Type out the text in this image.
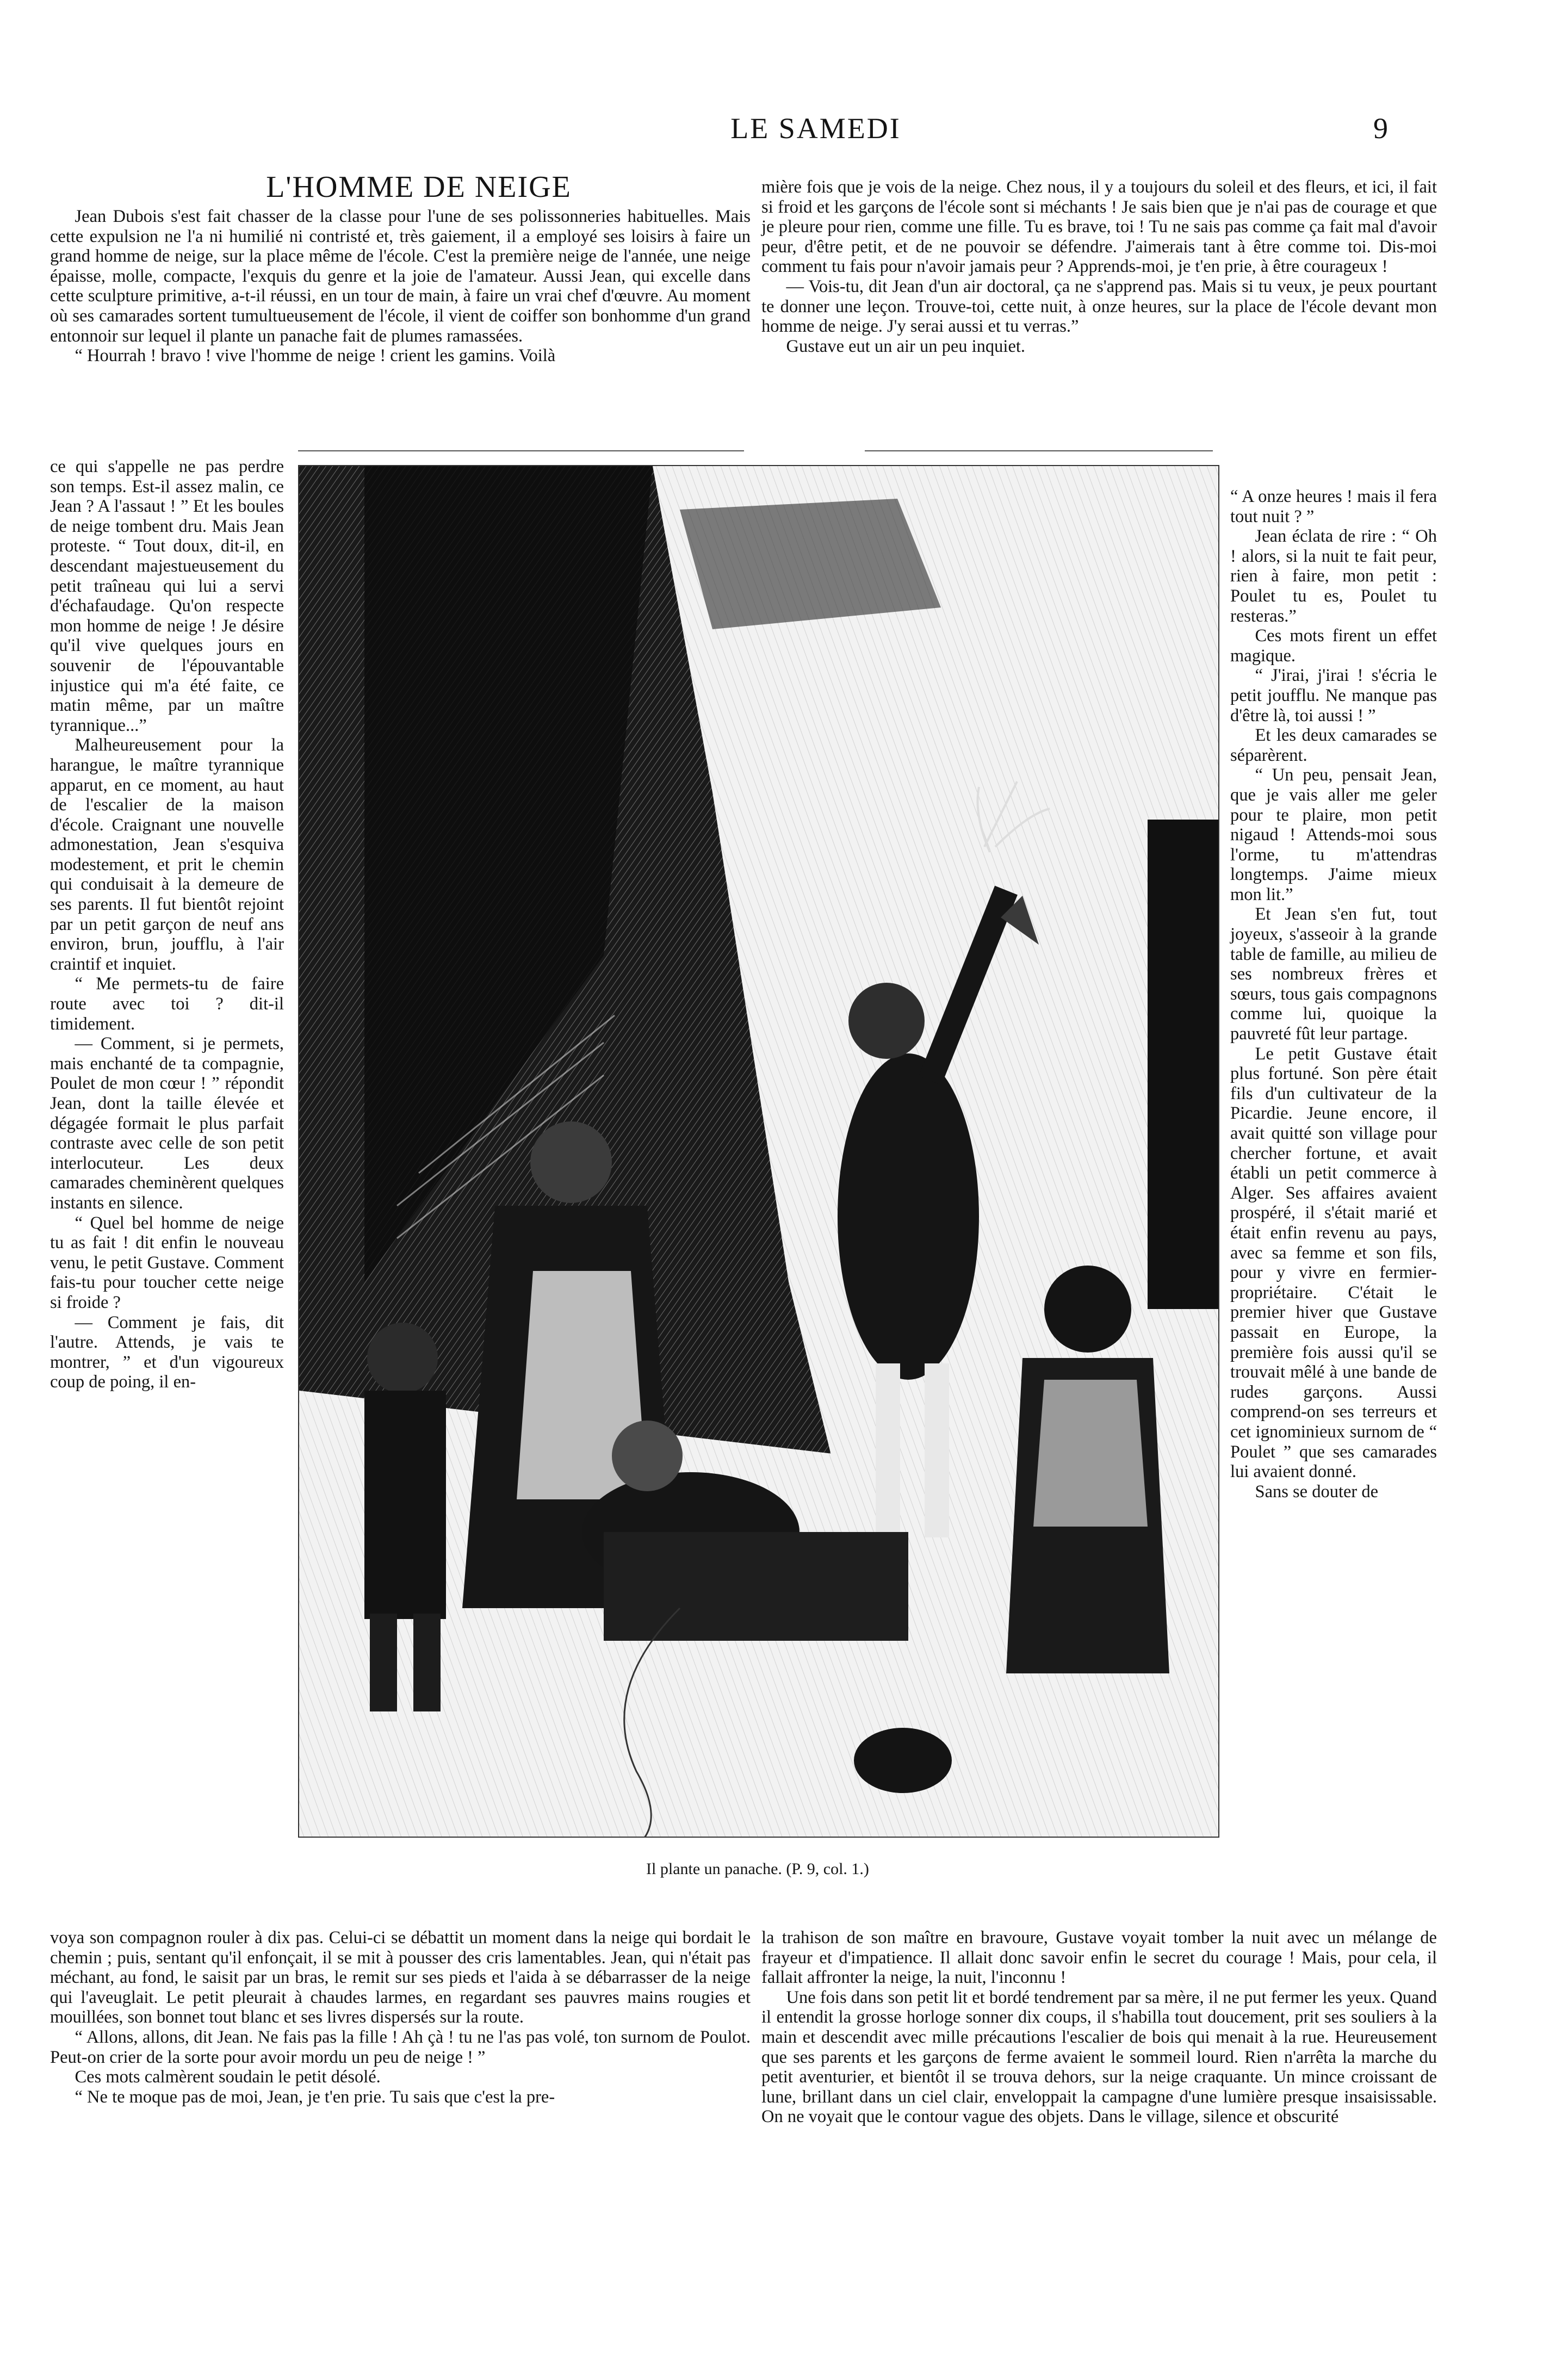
LE SAMEDI	9
L'HOMME DE NEIGE

Jean Dubois s'est fait chasser de la classe pour l'une de ses polissonneries habituelles. Mais cette expulsion ne l'a ni humilié ni contristé et, très gaiement, il a employé ses loisirs à faire un grand homme de neige, sur la place même de l'école. C'est la première neige de l'année, une neige épaisse, molle, compacte, l'exquis du genre et la joie de l'amateur. Aussi Jean, qui excelle dans cette sculpture primitive, a-t-il réussi, en un tour de main, à faire un vrai chef d'œuvre. Au moment où ses camarades sortent tumultueusement de l'école, il vient de coiffer son bonhomme d'un grand entonnoir sur lequel il plante un panache fait de plumes ramassées.

“ Hourrah ! bravo ! vive l'homme de neige ! crient les gamins. Voilà

mière fois que je vois de la neige. Chez nous, il y a toujours du soleil et des fleurs, et ici, il fait si froid et les garçons de l'école sont si méchants ! Je sais bien que je n'ai pas de courage et que je pleure pour rien, comme une fille. Tu es brave, toi ! Tu ne sais pas comme ça fait mal d'avoir peur, d'être petit, et de ne pouvoir se défendre. J'aimerais tant à être comme toi. Dis-moi comment tu fais pour n'avoir jamais peur ? Apprends-moi, je t'en prie, à être courageux !

— Vois-tu, dit Jean d'un air doctoral, ça ne s'apprend pas. Mais si tu veux, je peux pourtant te donner une leçon. Trouve-toi, cette nuit, à onze heures, sur la place de l'école devant mon homme de neige. J'y serai aussi et tu verras.”

Gustave eut un air un peu inquiet.

ce qui s'appelle ne pas perdre son temps. Est-il assez malin, ce Jean ? A l'assaut ! ” Et les boules de neige tombent dru. Mais Jean proteste. “ Tout doux, dit-il, en descendant majestueusement du petit traîneau qui lui a servi d'échafaudage. Qu'on respecte mon homme de neige ! Je désire qu'il vive quelques jours en souvenir de l'épouvantable injustice qui m'a été faite, ce matin même, par un maître tyrannique...”

Malheureusement pour la harangue, le maître tyrannique apparut, en ce moment, au haut de l'escalier de la maison d'école. Craignant une nouvelle admonestation, Jean s'esquiva modestement, et prit le chemin qui conduisait à la demeure de ses parents. Il fut bientôt rejoint par un petit garçon de neuf ans environ, brun, joufflu, à l'air craintif et inquiet.

“ Me permets-tu de faire route avec toi ? dit-il timidement.

— Comment, si je permets, mais enchanté de ta compagnie, Poulet de mon cœur ! ” répondit Jean, dont la taille élevée et dégagée formait le plus parfait contraste avec celle de son petit interlocuteur. Les deux camarades cheminèrent quelques instants en silence.

“ Quel bel homme de neige tu as fait ! dit enfin le nouveau venu, le petit Gustave. Comment fais-tu pour toucher cette neige si froide ?

— Comment je fais, dit l'autre. Attends, je vais te montrer, ” et d'un vigoureux coup de poing, il en-

“ A onze heures ! mais il fera tout nuit ? ”

Jean éclata de rire : “ Oh ! alors, si la nuit te fait peur, rien à faire, mon petit : Poulet tu es, Poulet tu resteras.”

Ces mots firent un effet magique.

“ J'irai, j'irai ! s'écria le petit joufflu. Ne manque pas d'être là, toi aussi ! ”

Et les deux camarades se séparèrent.

“ Un peu, pensait Jean, que je vais aller me geler pour te plaire, mon petit nigaud ! Attends-moi sous l'orme, tu m'attendras longtemps. J'aime mieux mon lit.”

Et Jean s'en fut, tout joyeux, s'asseoir à la grande table de famille, au milieu de ses nombreux frères et sœurs, tous gais compagnons comme lui, quoique la pauvreté fût leur partage.

Le petit Gustave était plus fortuné. Son père était fils d'un cultivateur de la Picardie. Jeune encore, il avait quitté son village pour chercher fortune, et avait établi un petit commerce à Alger. Ses affaires avaient prospéré, il s'était marié et était enfin revenu au pays, avec sa femme et son fils, pour y vivre en fermier-propriétaire. C'était le premier hiver que Gustave passait en Europe, la première fois aussi qu'il se trouvait mêlé à une bande de rudes garçons. Aussi comprend-on ses terreurs et cet ignominieux surnom de “ Poulet ” que ses camarades lui avaient donné.

Sans se douter de

Il plante un panache. (P. 9, col. 1.)

voya son compagnon rouler à dix pas. Celui-ci se débattit un moment dans la neige qui bordait le chemin ; puis, sentant qu'il enfonçait, il se mit à pousser des cris lamentables. Jean, qui n'était pas méchant, au fond, le saisit par un bras, le remit sur ses pieds et l'aida à se débarrasser de la neige qui l'aveuglait. Le petit pleurait à chaudes larmes, en regardant ses pauvres mains rougies et mouillées, son bonnet tout blanc et ses livres dispersés sur la route.

“ Allons, allons, dit Jean. Ne fais pas la fille ! Ah çà ! tu ne l'as pas volé, ton surnom de Poulot. Peut-on crier de la sorte pour avoir mordu un peu de neige ! ”

Ces mots calmèrent soudain le petit désolé.

“ Ne te moque pas de moi, Jean, je t'en prie. Tu sais que c'est la pre-

la trahison de son maître en bravoure, Gustave voyait tomber la nuit avec un mélange de frayeur et d'impatience. Il allait donc savoir enfin le secret du courage ! Mais, pour cela, il fallait affronter la neige, la nuit, l'inconnu !

Une fois dans son petit lit et bordé tendrement par sa mère, il ne put fermer les yeux. Quand il entendit la grosse horloge sonner dix coups, il s'habilla tout doucement, prit ses souliers à la main et descendit avec mille précautions l'escalier de bois qui menait à la rue. Heureusement que ses parents et les garçons de ferme avaient le sommeil lourd. Rien n'arrêta la marche du petit aventurier, et bientôt il se trouva dehors, sur la neige craquante. Un mince croissant de lune, brillant dans un ciel clair, enveloppait la campagne d'une lumière presque insaisissable. On ne voyait que le contour vague des objets. Dans le village, silence et obscurité
